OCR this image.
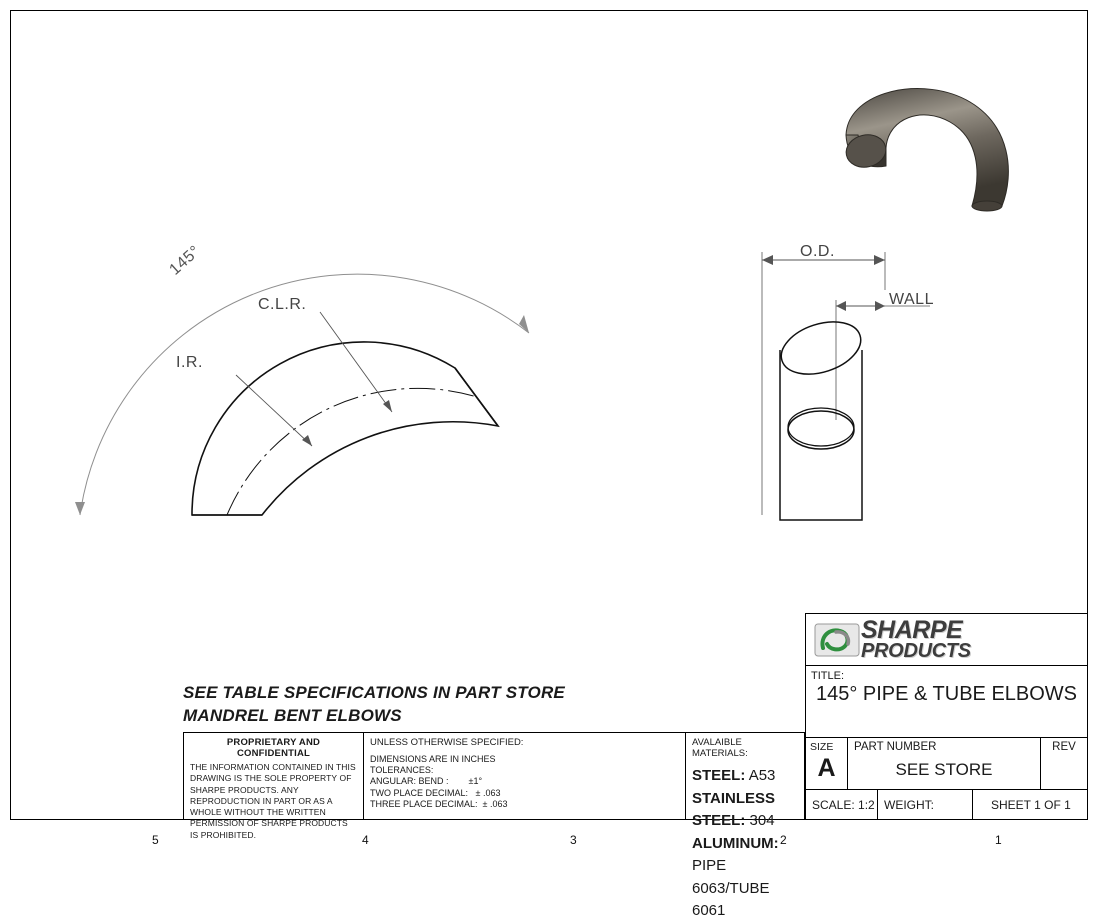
145°
C.L.R.
I.R.
O.D.
WALL
SEE TABLE SPECIFICATIONS IN PART STORE
MANDREL BENT ELBOWS
PROPRIETARY AND CONFIDENTIAL

THE INFORMATION CONTAINED IN THIS DRAWING IS THE SOLE PROPERTY OF SHARPE PRODUCTS. ANY REPRODUCTION IN PART OR AS A WHOLE WITHOUT THE WRITTEN PERMISSION OF SHARPE PRODUCTS IS PROHIBITED.

UNLESS OTHERWISE SPECIFIED:
DIMENSIONS ARE IN INCHES
TOLERANCES:
ANGULAR: BEND :        ±1°
TWO PLACE DECIMAL:   ± .063
THREE PLACE DECIMAL:  ± .063
AVALAIBLE MATERIALS:
STEEL: A53
STAINLESS STEEL: 304
ALUMINUM: PIPE 6063/TUBE 6061
SHARPE
PRODUCTS
TITLE:
145° PIPE & TUBE ELBOWS
SIZE
A
PART NUMBER
SEE STORE
REV
SCALE: 1:2 WEIGHT:	SHEET 1 OF 1
5	4	3	2	1
